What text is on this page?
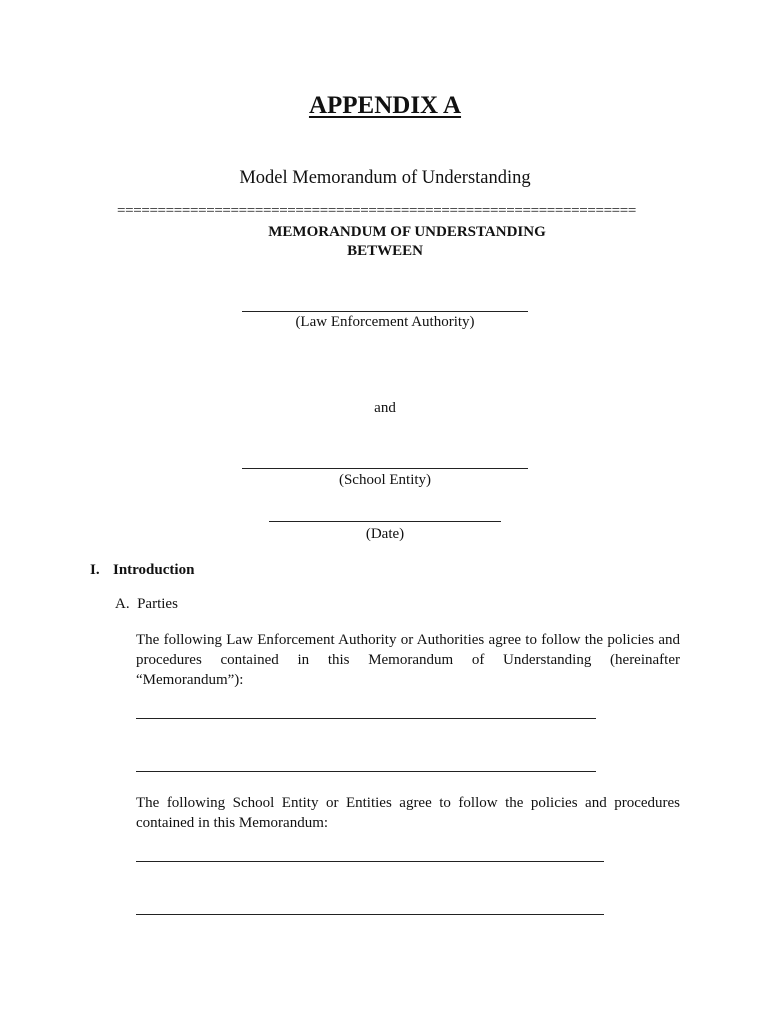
APPENDIX A
Model Memorandum of Understanding
================================================================
MEMORANDUM OF UNDERSTANDING
BETWEEN
(Law Enforcement Authority)
and
(School Entity)
(Date)
I. Introduction
A.  Parties
The following Law Enforcement Authority or Authorities agree to follow the policies and procedures contained in this Memorandum of Understanding (hereinafter “Memorandum”):
The following School Entity or Entities agree to follow the policies and procedures contained in this Memorandum:
